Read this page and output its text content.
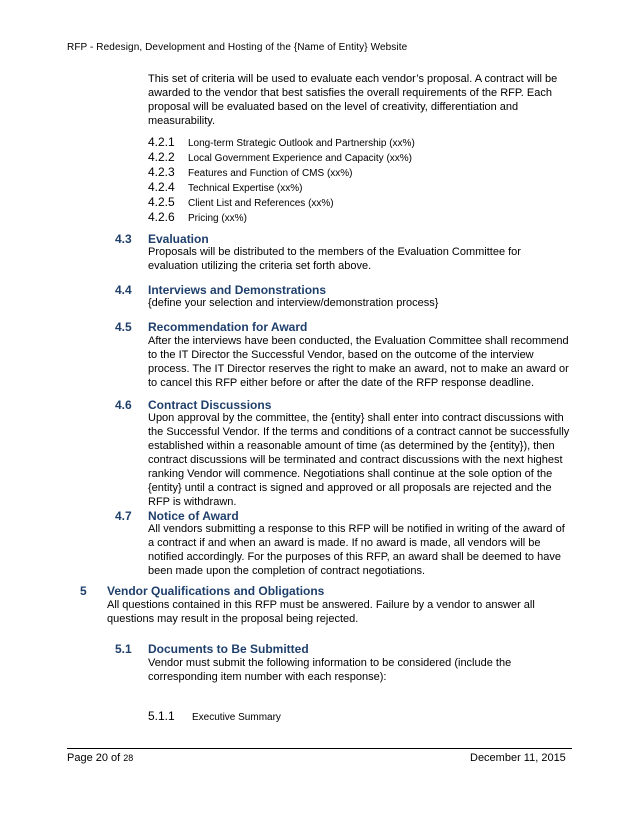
RFP - Redesign, Development and Hosting of the {Name of Entity} Website
This set of criteria will be used to evaluate each vendor’s proposal. A contract will be awarded to the vendor that best satisfies the overall requirements of the RFP. Each proposal will be evaluated based on the level of creativity, differentiation and measurability.
4.2.1 Long-term Strategic Outlook and Partnership (xx%)
4.2.2 Local Government Experience and Capacity (xx%)
4.2.3 Features and Function of CMS (xx%)
4.2.4 Technical Expertise (xx%)
4.2.5 Client List and References (xx%)
4.2.6 Pricing (xx%)
4.3 Evaluation
Proposals will be distributed to the members of the Evaluation Committee for evaluation utilizing the criteria set forth above.
4.4 Interviews and Demonstrations
{define your selection and interview/demonstration process}
4.5 Recommendation for Award
After the interviews have been conducted, the Evaluation Committee shall recommend to the IT Director the Successful Vendor, based on the outcome of the interview process. The IT Director reserves the right to make an award, not to make an award or to cancel this RFP either before or after the date of the RFP response deadline.
4.6 Contract Discussions
Upon approval by the committee, the {entity} shall enter into contract discussions with the Successful Vendor. If the terms and conditions of a contract cannot be successfully established within a reasonable amount of time (as determined by the {entity}), then contract discussions will be terminated and contract discussions with the next highest ranking Vendor will commence. Negotiations shall continue at the sole option of the {entity} until a contract is signed and approved or all proposals are rejected and the RFP is withdrawn.
4.7 Notice of Award
All vendors submitting a response to this RFP will be notified in writing of the award of a contract if and when an award is made. If no award is made, all vendors will be notified accordingly. For the purposes of this RFP, an award shall be deemed to have been made upon the completion of contract negotiations.
5 Vendor Qualifications and Obligations
All questions contained in this RFP must be answered. Failure by a vendor to answer all questions may result in the proposal being rejected.
5.1 Documents to Be Submitted
Vendor must submit the following information to be considered (include the corresponding item number with each response):
5.1.1 Executive Summary
Page 20 of 28	December 11, 2015
